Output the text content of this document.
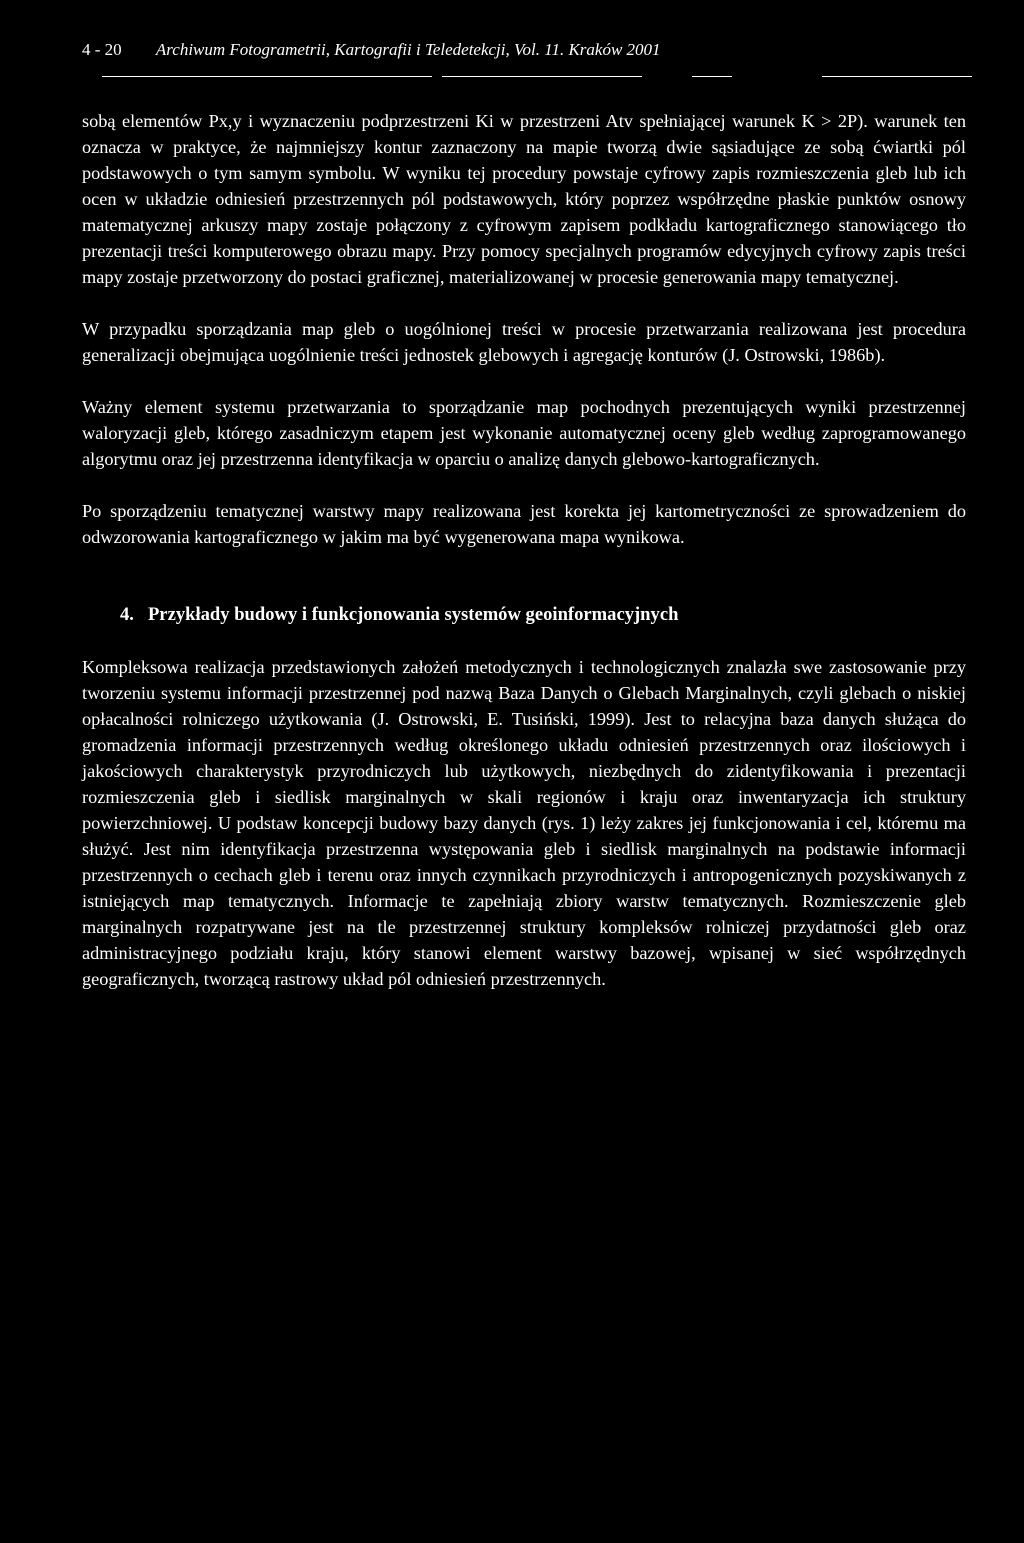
4 - 20 Archiwum Fotogrametrii, Kartografii i Teledetekcji, Vol. 11. Kraków 2001

sobą elementów Px,y i wyznaczeniu podprzestrzeni Ki w przestrzeni Atv spełniającej warunek K > 2P). warunek ten oznacza w praktyce, że najmniejszy kontur zaznaczony na mapie tworzą dwie sąsiadujące ze sobą ćwiartki pól podstawowych o tym samym symbolu. W wyniku tej procedury powstaje cyfrowy zapis rozmieszczenia gleb lub ich ocen w układzie odniesień przestrzennych pól podstawowych, który poprzez współrzędne płaskie punktów osnowy matematycznej arkuszy mapy zostaje połączony z cyfrowym zapisem podkładu kartograficznego stanowiącego tło prezentacji treści komputerowego obrazu mapy. Przy pomocy specjalnych programów edycyjnych cyfrowy zapis treści mapy zostaje przetworzony do postaci graficznej, materializowanej w procesie generowania mapy tematycznej.

W przypadku sporządzania map gleb o uogólnionej treści w procesie przetwarzania realizowana jest procedura generalizacji obejmująca uogólnienie treści jednostek glebowych i agregację konturów (J. Ostrowski, 1986b).

Ważny element systemu przetwarzania to sporządzanie map pochodnych prezentujących wyniki przestrzennej waloryzacji gleb, którego zasadniczym etapem jest wykonanie automatycznej oceny gleb według zaprogramowanego algorytmu oraz jej przestrzenna identyfikacja w oparciu o analizę danych glebowo-kartograficznych.

Po sporządzeniu tematycznej warstwy mapy realizowana jest korekta jej kartometryczności ze sprowadzeniem do odwzorowania kartograficznego w jakim ma być wygenerowana mapa wynikowa.

4. Przykłady budowy i funkcjonowania systemów geoinformacyjnych

Kompleksowa realizacja przedstawionych założeń metodycznych i technologicznych znalazła swe zastosowanie przy tworzeniu systemu informacji przestrzennej pod nazwą Baza Danych o Glebach Marginalnych, czyli glebach o niskiej opłacalności rolniczego użytkowania (J. Ostrowski, E. Tusiński, 1999). Jest to relacyjna baza danych służąca do gromadzenia informacji przestrzennych według określonego układu odniesień przestrzennych oraz ilościowych i jakościowych charakterystyk przyrodniczych lub użytkowych, niezbędnych do zidentyfikowania i prezentacji rozmieszczenia gleb i siedlisk marginalnych w skali regionów i kraju oraz inwentaryzacja ich struktury powierzchniowej. U podstaw koncepcji budowy bazy danych (rys. 1) leży zakres jej funkcjonowania i cel, któremu ma służyć. Jest nim identyfikacja przestrzenna występowania gleb i siedlisk marginalnych na podstawie informacji przestrzennych o cechach gleb i terenu oraz innych czynnikach przyrodniczych i antropogenicznych pozyskiwanych z istniejących map tematycznych. Informacje te zapełniają zbiory warstw tematycznych. Rozmieszczenie gleb marginalnych rozpatrywane jest na tle przestrzennej struktury kompleksów rolniczej przydatności gleb oraz administracyjnego podziału kraju, który stanowi element warstwy bazowej, wpisanej w sieć współrzędnych geograficznych, tworzącą rastrowy układ pól odniesień przestrzennych.
